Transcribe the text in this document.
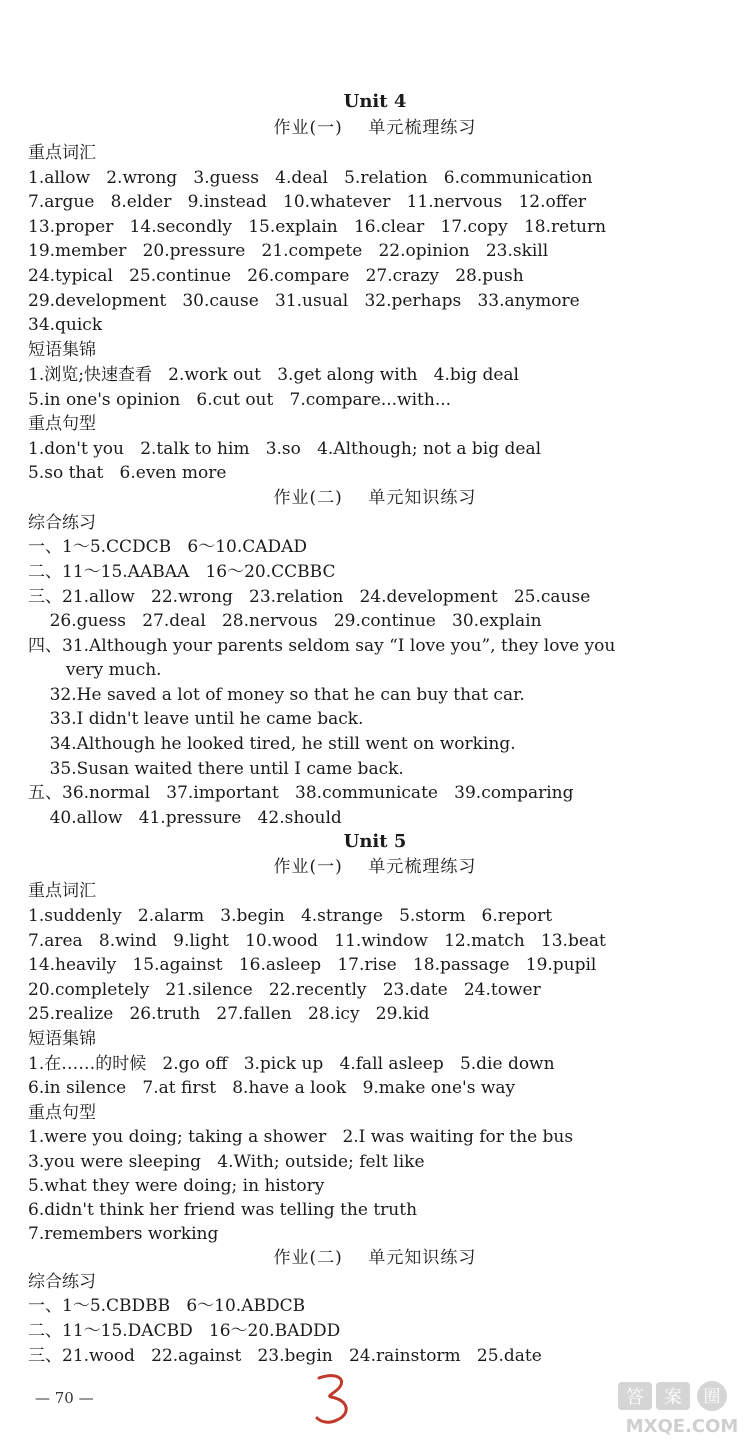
Unit 4
作业(一)    单元梳理练习
重点词汇
1.allow   2.wrong   3.guess   4.deal   5.relation   6.communication
7.argue   8.elder   9.instead   10.whatever   11.nervous   12.offer
13.proper   14.secondly   15.explain   16.clear   17.copy   18.return
19.member   20.pressure   21.compete   22.opinion   23.skill
24.typical   25.continue   26.compare   27.crazy   28.push
29.development   30.cause   31.usual   32.perhaps   33.anymore
34.quick
短语集锦
1.浏览;快速查看   2.work out   3.get along with   4.big deal
5.in one's opinion   6.cut out   7.compare...with...
重点句型
1.don't you   2.talk to him   3.so   4.Although; not a big deal
5.so that   6.even more
作业(二)    单元知识练习
综合练习
一、1～5.CCDCB   6～10.CADAD
二、11～15.AABAA   16～20.CCBBC
三、21.allow   22.wrong   23.relation   24.development   25.cause
26.guess   27.deal   28.nervous   29.continue   30.explain
四、31.Although your parents seldom say “I love you”, they love you
very much.
32.He saved a lot of money so that he can buy that car.
33.I didn't leave until he came back.
34.Although he looked tired, he still went on working.
35.Susan waited there until I came back.
五、36.normal   37.important   38.communicate   39.comparing
40.allow   41.pressure   42.should
Unit 5
作业(一)    单元梳理练习
重点词汇
1.suddenly   2.alarm   3.begin   4.strange   5.storm   6.report
7.area   8.wind   9.light   10.wood   11.window   12.match   13.beat
14.heavily   15.against   16.asleep   17.rise   18.passage   19.pupil
20.completely   21.silence   22.recently   23.date   24.tower
25.realize   26.truth   27.fallen   28.icy   29.kid
短语集锦
1.在……的时候   2.go off   3.pick up   4.fall asleep   5.die down
6.in silence   7.at first   8.have a look   9.make one's way
重点句型
1.were you doing; taking a shower   2.I was waiting for the bus
3.you were sleeping   4.With; outside; felt like
5.what they were doing; in history
6.didn't think her friend was telling the truth
7.remembers working
作业(二)    单元知识练习
综合练习
一、1～5.CBDBB   6～10.ABDCB
二、11～15.DACBD   16～20.BADDD
三、21.wood   22.against   23.begin   24.rainstorm   25.date
— 70 —	答 案 圈
MXQE.COM
